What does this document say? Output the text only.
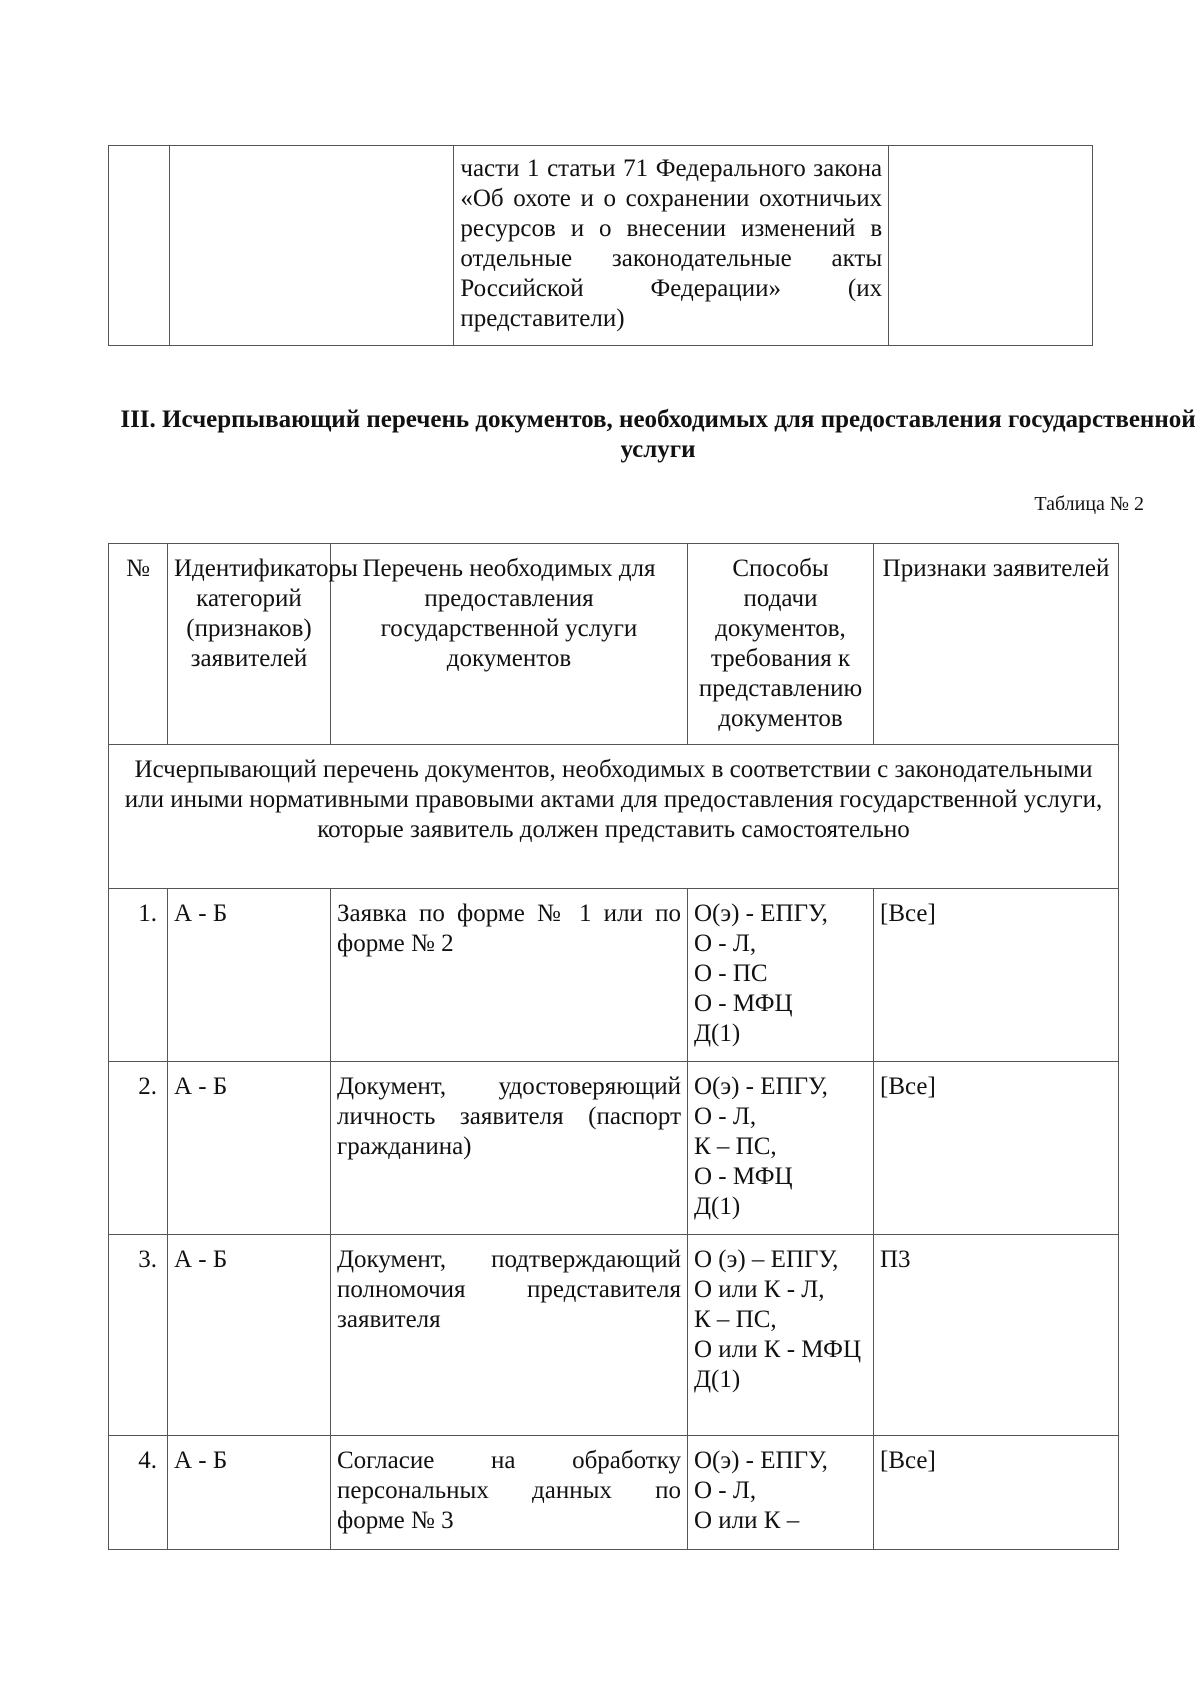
		части 1 статьи 71 Федерального закона «Об охоте и о сохранении охотничьих ресурсов и о внесении изменений в отдельные законодательные акты Российской Федерации» (их представители)	
III. Исчерпывающий перечень документов, необходимых для предоставления государственной услуги
Таблица № 2
№	Идентификаторы категорий (признаков) заявителей	Перечень необходимых для предоставления государственной услуги документов	Способы подачи документов, требования к представлению документов	Признаки заявителей
Исчерпывающий перечень документов, необходимых в соответствии с законодательными или иными нормативными правовыми актами для предоставления государственной услуги, которые заявитель должен представить самостоятельно				
1.	А - Б	Заявка по форме № 1 или по форме № 2	О(э) - ЕПГУ,
О - Л,
О - ПС
О - МФЦ
Д(1)	[Все]
2.	А - Б	Документ, удостоверяющий личность заявителя (паспорт гражданина)	О(э) - ЕПГУ,
О - Л,
К – ПС,
О - МФЦ
Д(1)	[Все]
3.	А - Б	Документ, подтверждающий полномочия представителя заявителя	О (э) – ЕПГУ,
О или К - Л,
К – ПС,
О или К - МФЦ
Д(1)	П3
4.	А - Б	Согласие на обработку персональных данных по форме № 3	О(э) - ЕПГУ,
О - Л,
О или К –	[Все]
